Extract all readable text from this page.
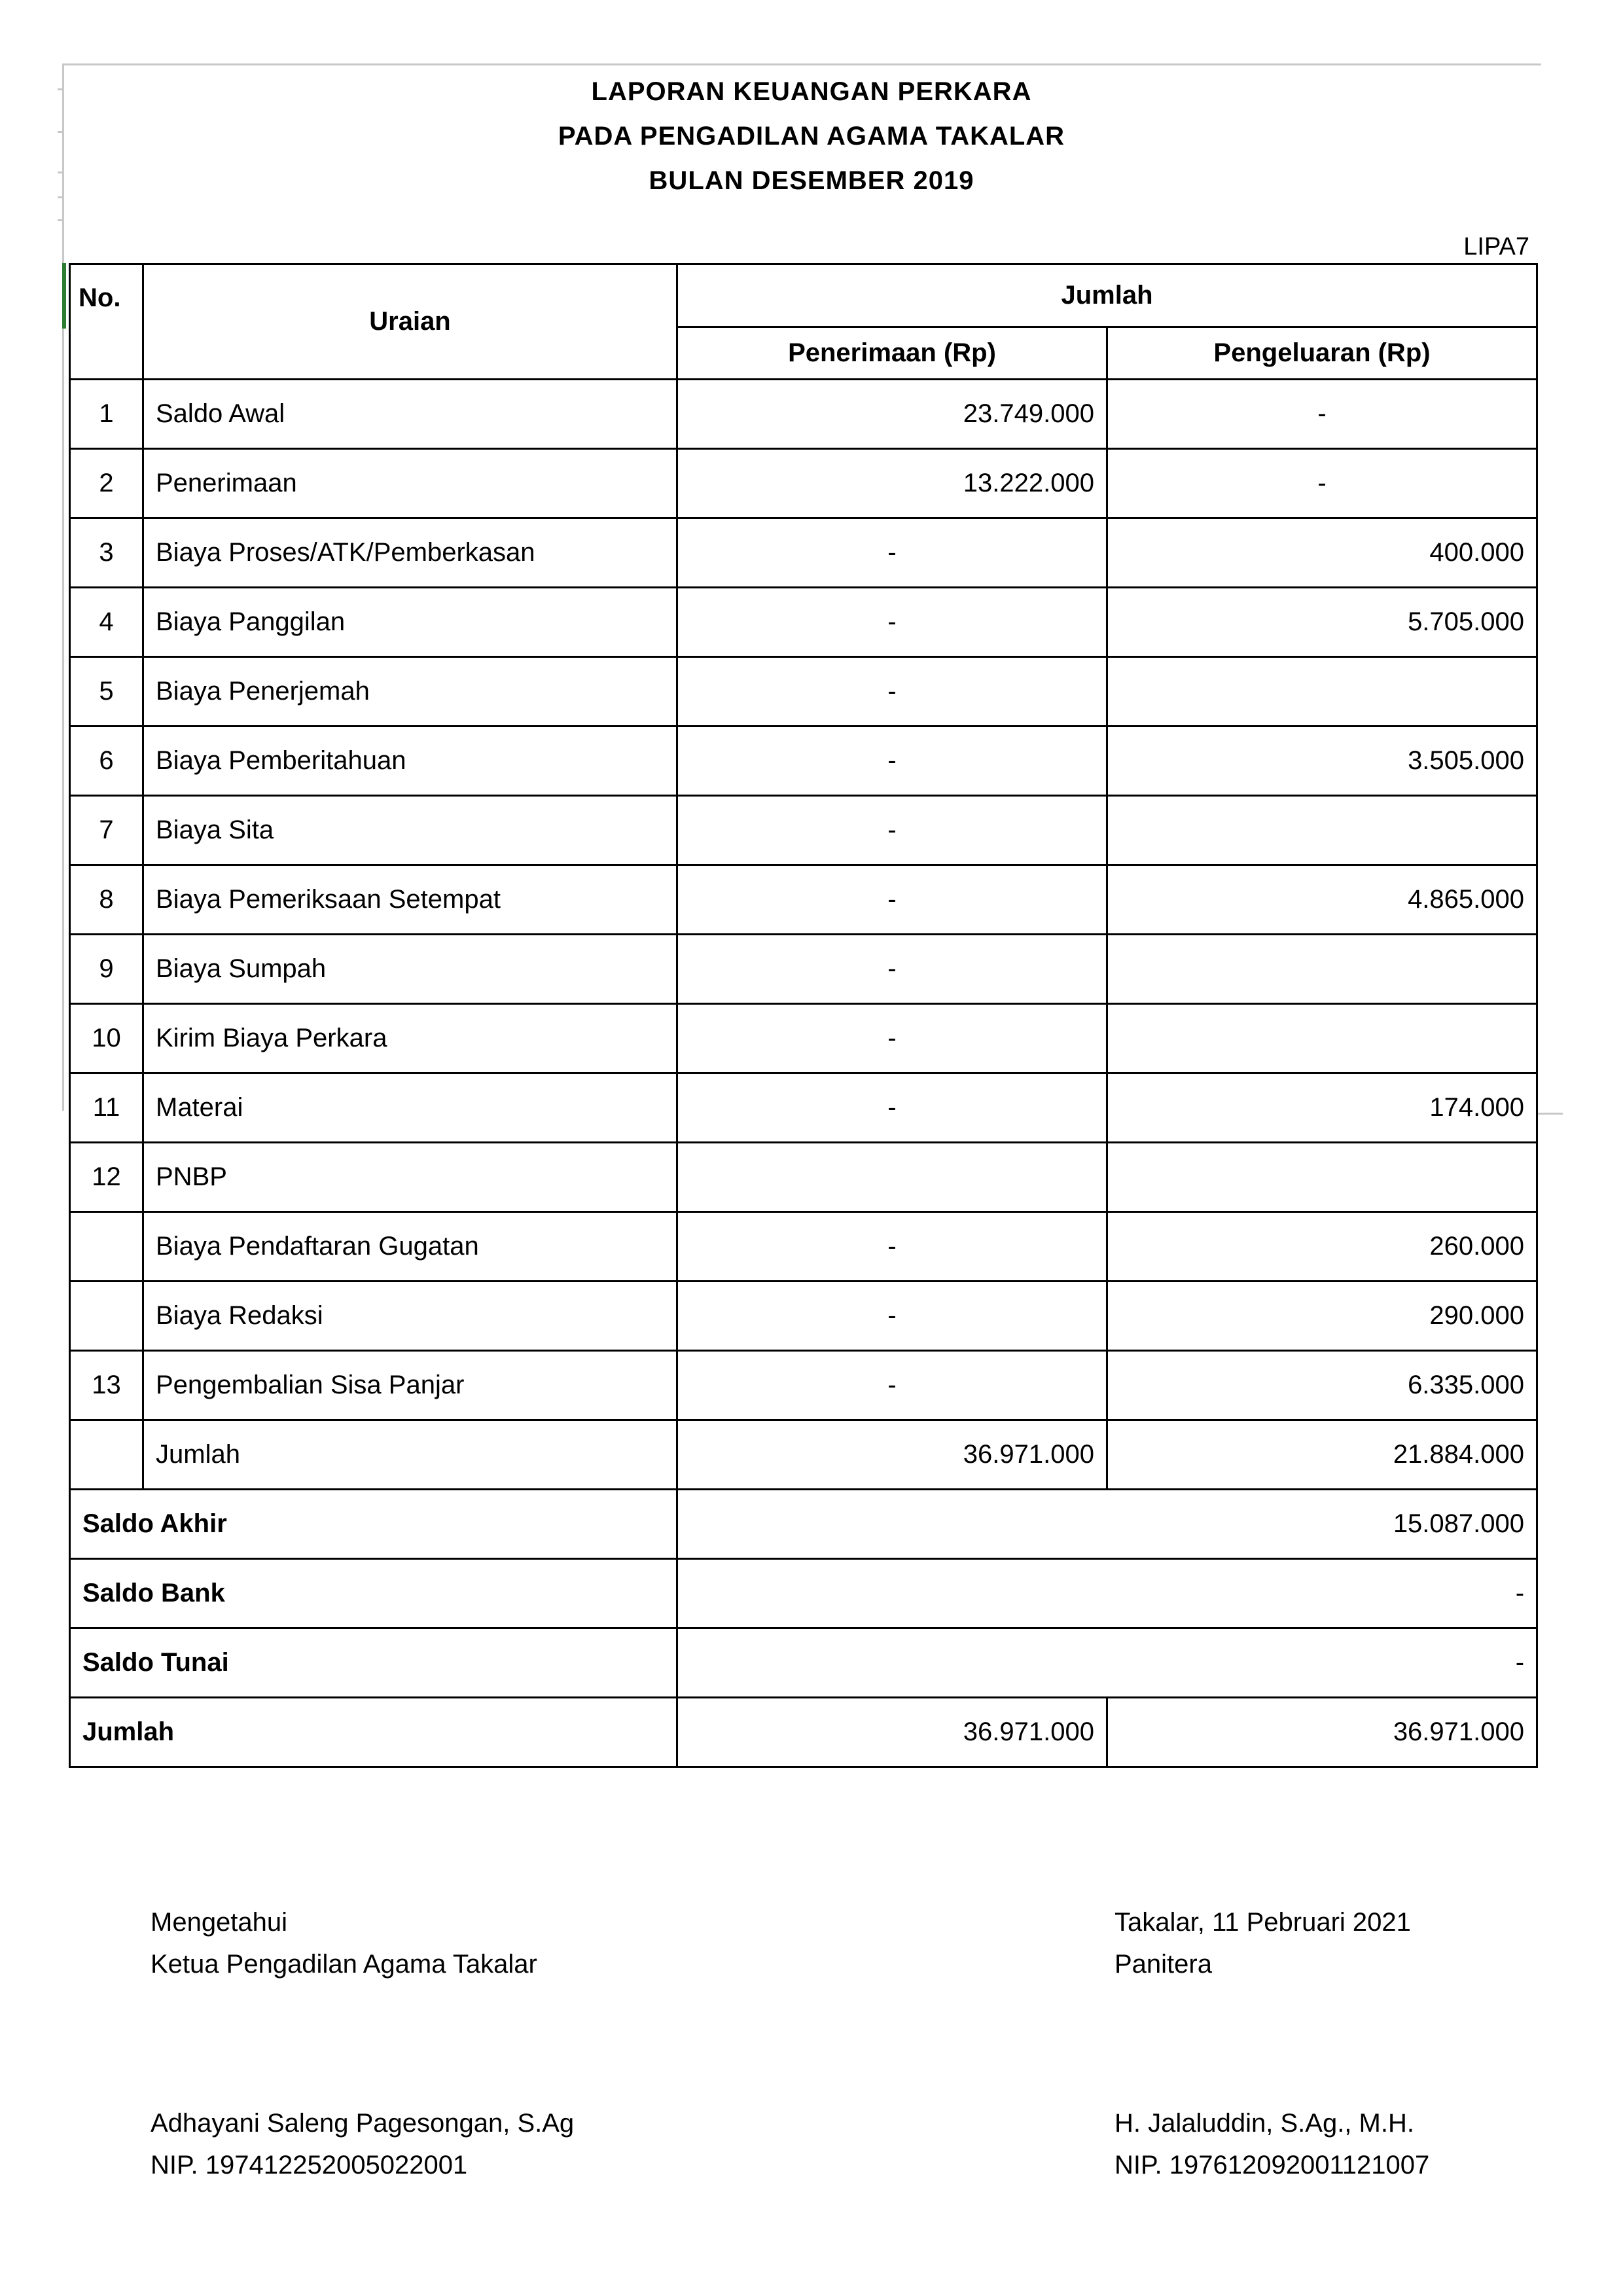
LAPORAN KEUANGAN PERKARA
PADA PENGADILAN AGAMA TAKALAR
BULAN DESEMBER 2019
LIPA7
No.	Uraian	Jumlah	
		Penerimaan (Rp)	Pengeluaran (Rp)
1	Saldo Awal	23.749.000	-
2	Penerimaan	13.222.000	-
3	Biaya Proses/ATK/Pemberkasan	-	400.000
4	Biaya Panggilan	-	5.705.000
5	Biaya Penerjemah	-	
6	Biaya Pemberitahuan	-	3.505.000
7	Biaya Sita	-	
8	Biaya Pemeriksaan Setempat	-	4.865.000
9	Biaya Sumpah	-	
10	Kirim Biaya Perkara	-	
11	Materai	-	174.000
12	PNBP		
	Biaya Pendaftaran Gugatan	-	260.000
	Biaya Redaksi	-	290.000
13	Pengembalian Sisa Panjar	-	6.335.000
	Jumlah	36.971.000	21.884.000
Saldo Akhir		15.087.000	
Saldo Bank		-	
Saldo Tunai		-	
Jumlah		36.971.000	36.971.000
Mengetahui
Ketua Pengadilan Agama Takalar
Takalar, 11 Pebruari 2021
Panitera
Adhayani Saleng Pagesongan, S.Ag
NIP. 197412252005022001
H. Jalaluddin, S.Ag., M.H.
NIP. 197612092001121007
